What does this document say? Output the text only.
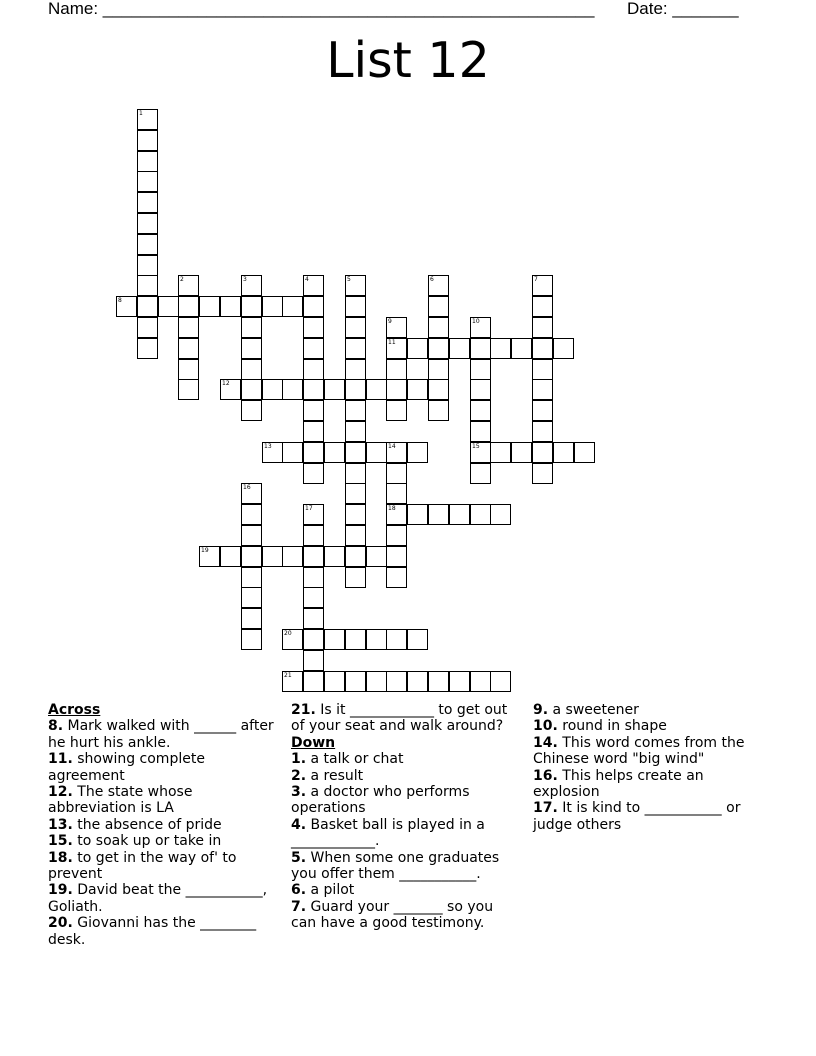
Name: ____________________________________________________ Date: _______
List 12
1
2	3	4	5	6	7
8
9
11
10
15
12
13	14
18
16
17
19
20
21
Across

8. Mark walked with ______ after he hurt his ankle.

11. showing complete agreement

12. The state whose abbreviation is LA

13. the absence of pride

15. to soak up or take in

18. to get in the way of' to prevent

19. David beat the ___________, Goliath.

20. Giovanni has the ________ desk.

21. Is it ____________ to get out of your seat and walk around?

Down

1. a talk or chat

2. a result

3. a doctor who performs operations

4. Basket ball is played in a ____________.

5. When some one graduates you offer them ___________.

6. a pilot

7. Guard your _______ so you can have a good testimony.

9. a sweetener

10. round in shape

14. This word comes from the Chinese word "big wind"

16. This helps create an explosion

17. It is kind to ___________ or judge others
